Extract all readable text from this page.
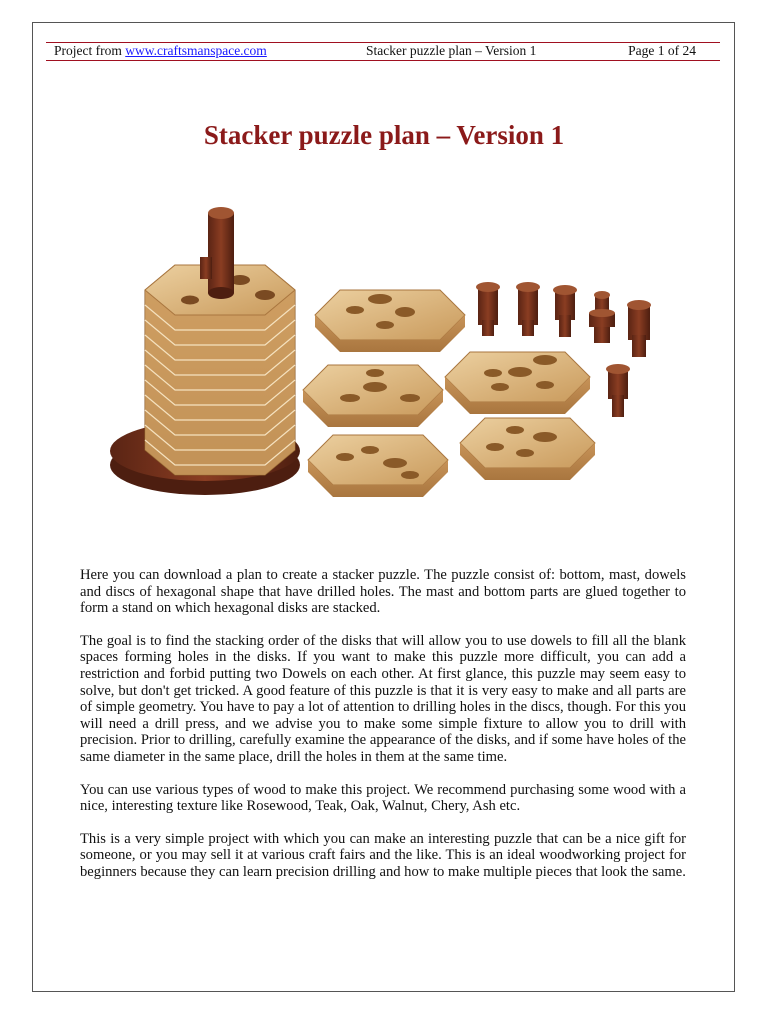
Project from www.craftsmanspace.com	Stacker puzzle plan – Version 1	Page 1 of 24
Stacker puzzle plan – Version 1

Here you can download a plan to create a stacker puzzle. The puzzle consist of: bottom, mast, dowels and discs of hexagonal shape that have drilled holes. The mast and bottom parts are glued together to form a stand on which hexagonal disks are stacked.

The goal is to find the stacking order of the disks that will allow you to use dowels to fill all the blank spaces forming holes in the disks. If you want to make this puzzle more difficult, you can add a restriction and forbid putting two Dowels on each other. At first glance, this puzzle may seem easy to solve, but don't get tricked. A good feature of this puzzle is that it is very easy to make and all parts are of simple geometry. You have to pay a lot of attention to drilling holes in the discs, though. For this you will need a drill press, and we advise you to make some simple fixture to allow you to drill with precision. Prior to drilling, carefully examine the appearance of the disks, and if some have holes of the same diameter in the same place, drill the holes in them at the same time.

You can use various types of wood to make this project. We recommend purchasing some wood with a nice, interesting texture like Rosewood, Teak, Oak, Walnut, Chery, Ash etc.

This is a very simple project with which you can make an interesting puzzle that can be a nice gift for someone, or you may sell it at various craft fairs and the like. This is an ideal woodworking project for beginners because they can learn precision drilling and how to make multiple pieces that look the same.
